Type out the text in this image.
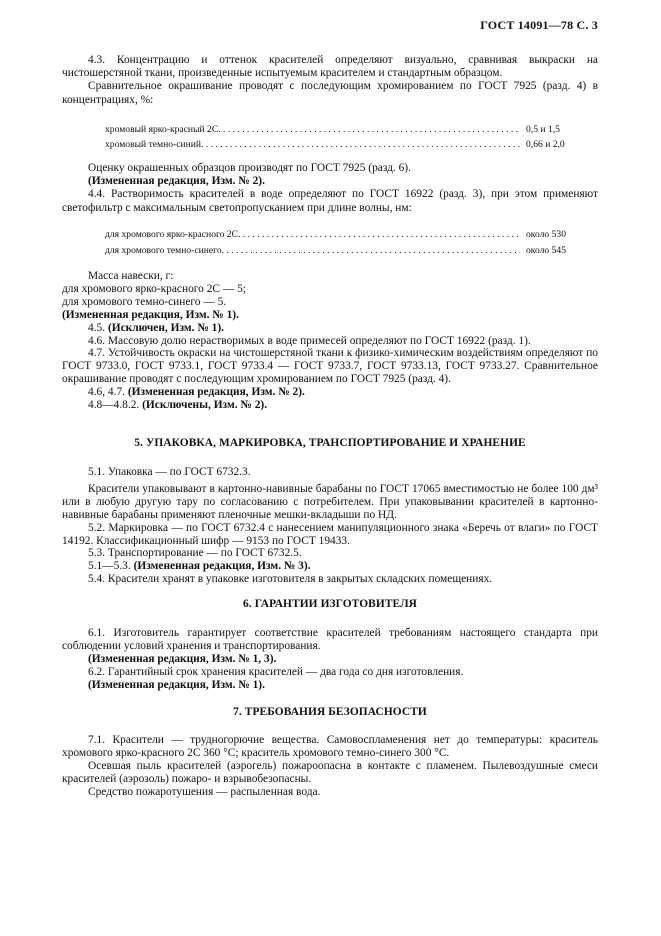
ГОСТ 14091—78 С. 3

4.3. Концентрацию и оттенок красителей определяют визуально, сравнивая выкраски на чистошерстяной ткани, произведенные испытуемым красителем и стандартным образцом.

Сравнительное окрашивание проводят с последующим хромированием по ГОСТ 7925 (разд. 4) в концентрациях, %:

хромовый ярко-красный 2С . . .	0,5 и 1,5
хромовый темно-синий . . .	0,66 и 2,0

Оценку окрашенных образцов производят по ГОСТ 7925 (разд. 6).

(Измененная редакция, Изм. № 2).

4.4. Растворимость красителей в воде определяют по ГОСТ 16922 (разд. 3), при этом применяют светофильтр с максимальным светопропусканием при длине волны, нм:

для хромового ярко-красного 2С . . .	около 530
для хромового темно-синего . . .	около 545

Масса навески, г:

для хромового ярко-красного 2С — 5;

для хромового темно-синего — 5.

(Измененная редакция, Изм. № 1).

4.5. (Исключен, Изм. № 1).

4.6. Массовую долю нерастворимых в воде примесей определяют по ГОСТ 16922 (разд. 1).

4.7. Устойчивость окраски на чистошерстяной ткани к физико-химическим воздействиям определяют по ГОСТ 9733.0, ГОСТ 9733.1, ГОСТ 9733.4 — ГОСТ 9733.7, ГОСТ 9733.13, ГОСТ 9733.27. Сравнительное окрашивание проводят с последующим хромированием по ГОСТ 7925 (разд. 4).

4.6, 4.7. (Измененная редакция, Изм. № 2).

4.8—4.8.2. (Исключены, Изм. № 2).

5. УПАКОВКА, МАРКИРОВКА, ТРАНСПОРТИРОВАНИЕ И ХРАНЕНИЕ

5.1. Упаковка — по ГОСТ 6732.3.

Красители упаковывают в картонно-навивные барабаны по ГОСТ 17065 вместимостью не более 100 дм³ или в любую другую тару по согласованию с потребителем. При упаковывании красителей в картонно-навивные барабаны применяют пленочные мешки-вкладыши по НД.

5.2. Маркировка — по ГОСТ 6732.4 с нанесением манипуляционного знака «Беречь от влаги» по ГОСТ 14192. Классификационный шифр — 9153 по ГОСТ 19433.

5.3. Транспортирование — по ГОСТ 6732.5.

5.1—5.3. (Измененная редакция, Изм. № 3).

5.4. Красители хранят в упаковке изготовителя в закрытых складских помещениях.

6. ГАРАНТИИ ИЗГОТОВИТЕЛЯ

6.1. Изготовитель гарантирует соответствие красителей требованиям настоящего стандарта при соблюдении условий хранения и транспортирования.

(Измененная редакция, Изм. № 1, 3).

6.2. Гарантийный срок хранения красителей — два года со дня изготовления.

(Измененная редакция, Изм. № 1).

7. ТРЕБОВАНИЯ БЕЗОПАСНОСТИ

7.1. Красители — трудногорючие вещества. Самовоспламенения нет до температуры: краситель хромового ярко-красного 2С 360 °С; краситель хромового темно-синего 300 °С.

Осевшая пыль красителей (аэрогель) пожароопасна в контакте с пламенем. Пылевоздушные смеси красителей (аэрозоль) пожаро- и взрывобезопасны.

Средство пожаротушения — распыленная вода.
